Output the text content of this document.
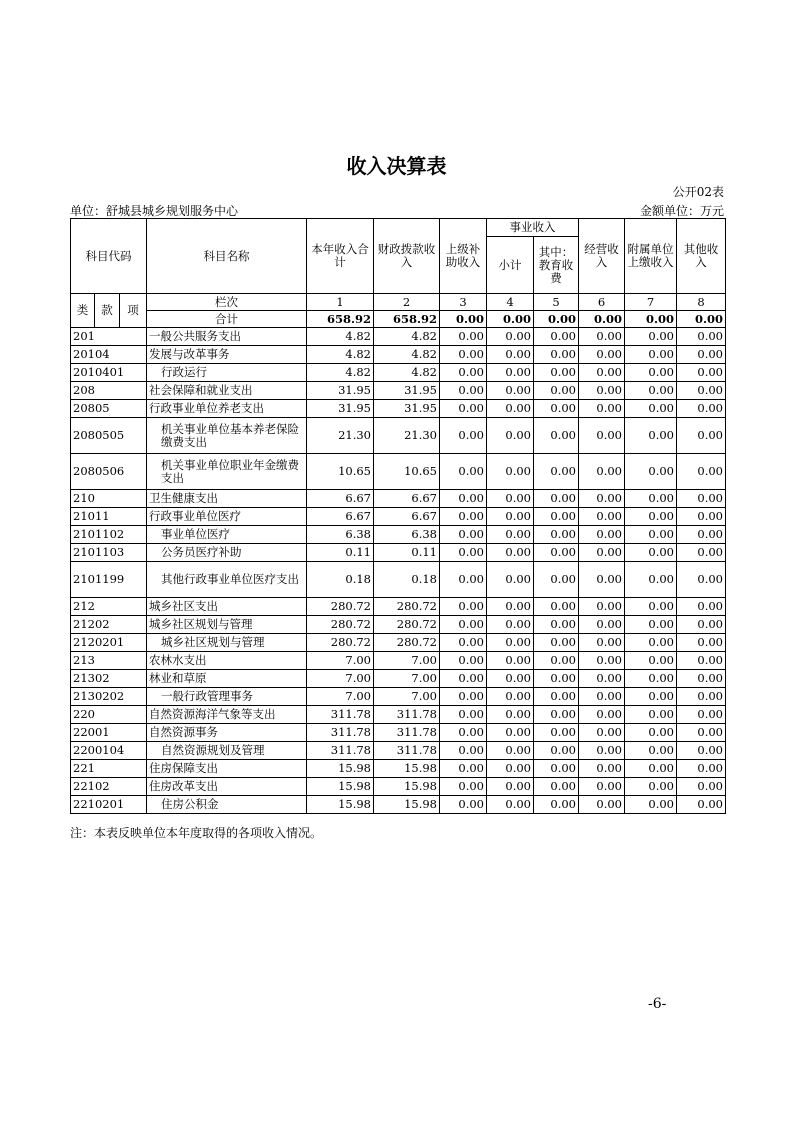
收入决算表
公开02表
单位：舒城县城乡规划服务中心	金额单位：万元
科目代码			科目名称	本年收入合计	财政拨款收入	上级补助收入	事业收入		经营收入	附属单位上缴收入	其他收入
							小计	其中：教育收费			

类	款	项	栏次	1	2	3	4	5	6	7	8
			合计	658.92	658.92	0.00	0.00	0.00	0.00	0.00	0.00
201			一般公共服务支出	4.82	4.82	0.00	0.00	0.00	0.00	0.00	0.00
20104			发展与改革事务	4.82	4.82	0.00	0.00	0.00	0.00	0.00	0.00
2010401			行政运行	4.82	4.82	0.00	0.00	0.00	0.00	0.00	0.00
208			社会保障和就业支出	31.95	31.95	0.00	0.00	0.00	0.00	0.00	0.00
20805			行政事业单位养老支出	31.95	31.95	0.00	0.00	0.00	0.00	0.00	0.00
2080505			机关事业单位基本养老保险缴费支出	21.30	21.30	0.00	0.00	0.00	0.00	0.00	0.00
2080506			机关事业单位职业年金缴费支出	10.65	10.65	0.00	0.00	0.00	0.00	0.00	0.00
210			卫生健康支出	6.67	6.67	0.00	0.00	0.00	0.00	0.00	0.00
21011			行政事业单位医疗	6.67	6.67	0.00	0.00	0.00	0.00	0.00	0.00
2101102			事业单位医疗	6.38	6.38	0.00	0.00	0.00	0.00	0.00	0.00
2101103			公务员医疗补助	0.11	0.11	0.00	0.00	0.00	0.00	0.00	0.00
2101199			其他行政事业单位医疗支出	0.18	0.18	0.00	0.00	0.00	0.00	0.00	0.00
212			城乡社区支出	280.72	280.72	0.00	0.00	0.00	0.00	0.00	0.00
21202			城乡社区规划与管理	280.72	280.72	0.00	0.00	0.00	0.00	0.00	0.00
2120201			城乡社区规划与管理	280.72	280.72	0.00	0.00	0.00	0.00	0.00	0.00
213			农林水支出	7.00	7.00	0.00	0.00	0.00	0.00	0.00	0.00
21302			林业和草原	7.00	7.00	0.00	0.00	0.00	0.00	0.00	0.00
2130202			一般行政管理事务	7.00	7.00	0.00	0.00	0.00	0.00	0.00	0.00
220			自然资源海洋气象等支出	311.78	311.78	0.00	0.00	0.00	0.00	0.00	0.00
22001			自然资源事务	311.78	311.78	0.00	0.00	0.00	0.00	0.00	0.00
2200104			自然资源规划及管理	311.78	311.78	0.00	0.00	0.00	0.00	0.00	0.00
221			住房保障支出	15.98	15.98	0.00	0.00	0.00	0.00	0.00	0.00
22102			住房改革支出	15.98	15.98	0.00	0.00	0.00	0.00	0.00	0.00
2210201			住房公积金	15.98	15.98	0.00	0.00	0.00	0.00	0.00	0.00
注：本表反映单位本年度取得的各项收入情况。
-6-
